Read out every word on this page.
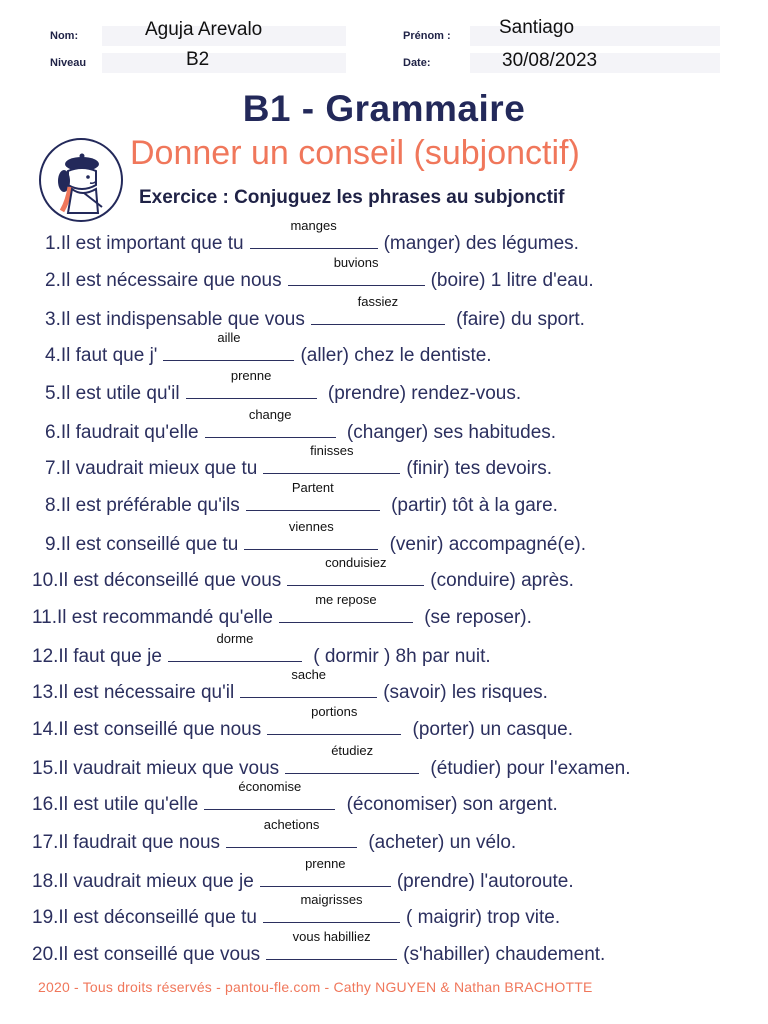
Nom:	Aguja Arevalo
Niveau	B2
Prénom :	Santiago
Date:	30/08/2023
B1 - Grammaire
Donner un conseil (subjonctif)
Exercice : Conjuguez les phrases au subjonctif
1.Il est important que tu
manges
(manger) des légumes.
2.Il est nécessaire que nous
buvions
(boire) 1 litre d'eau.
3.Il est indispensable que vous
fassiez
(faire) du sport.
4.Il faut que j'
aille
(aller) chez le dentiste.
5.Il est utile qu'il
prenne
(prendre) rendez-vous.
6.Il faudrait qu'elle
change
(changer) ses habitudes.
7.Il vaudrait mieux que tu
finisses
(finir) tes devoirs.
8.Il est préférable qu'ils
Partent
(partir) tôt à la gare.
9.Il est conseillé que tu
viennes
(venir) accompagné(e).
10.Il est déconseillé que vous
conduisiez
(conduire) après.
11.Il est recommandé qu'elle
me repose
(se reposer).
12.Il faut que je
dorme
( dormir ) 8h par nuit.
13.Il est nécessaire qu'il
sache
(savoir) les risques.
14.Il est conseillé que nous
portions
(porter) un casque.
15.Il vaudrait mieux que vous
étudiez
(étudier) pour l'examen.
16.Il est utile qu'elle
économise
(économiser) son argent.
17.Il faudrait que nous
achetions
(acheter) un vélo.
18.Il vaudrait mieux que je
prenne
(prendre) l'autoroute.
19.Il est déconseillé que tu
maigrisses
( maigrir) trop vite.
20.Il est conseillé que vous
vous habilliez
(s'habiller) chaudement.
2020 - Tous droits réservés - pantou-fle.com - Cathy NGUYEN & Nathan BRACHOTTE
